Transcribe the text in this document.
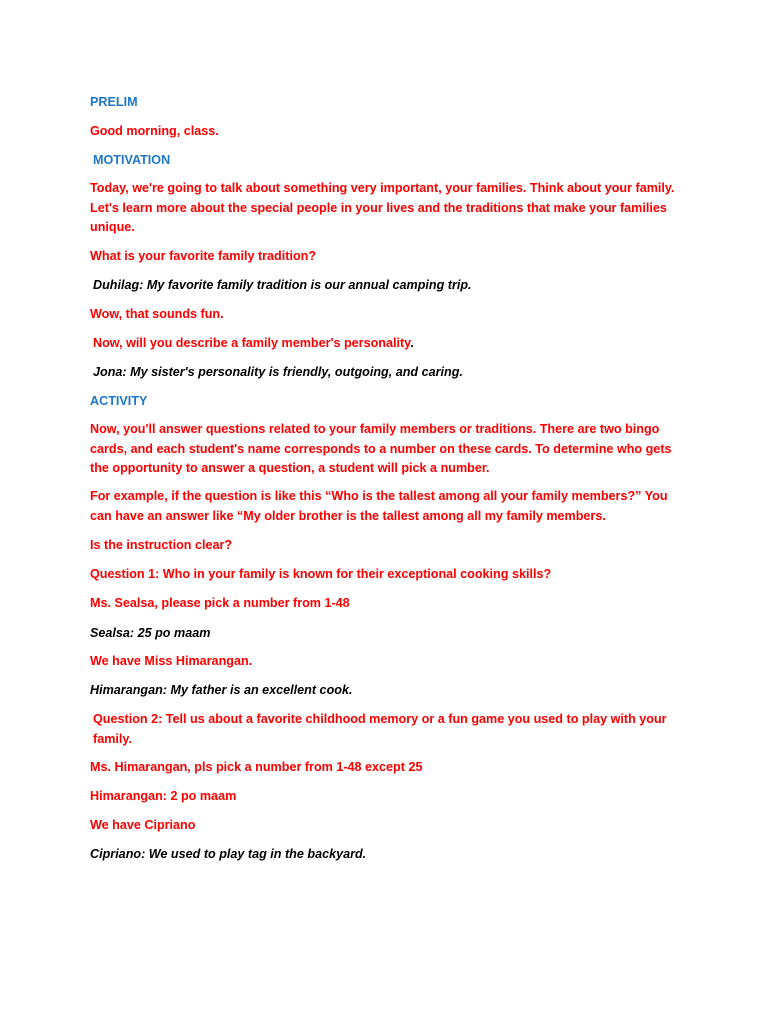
PRELIM

Good morning, class.

MOTIVATION

Today, we're going to talk about something very important, your families. Think about your family. Let's learn more about the special people in your lives and the traditions that make your families unique.

What is your favorite family tradition?

Duhilag: My favorite family tradition is our annual camping trip.

Wow, that sounds fun.

Now, will you describe a family member's personality.

Jona: My sister's personality is friendly, outgoing, and caring.

ACTIVITY

Now, you'll answer questions related to your family members or traditions. There are two bingo cards, and each student's name corresponds to a number on these cards. To determine who gets the opportunity to answer a question, a student will pick a number.

For example, if the question is like this “Who is the tallest among all your family members?” You can have an answer like “My older brother is the tallest among all my family members.

Is the instruction clear?

Question 1: Who in your family is known for their exceptional cooking skills?

Ms. Sealsa, please pick a number from 1-48

Sealsa: 25 po maam

We have Miss Himarangan.

Himarangan: My father is an excellent cook.

Question 2: Tell us about a favorite childhood memory or a fun game you used to play with your family.

Ms. Himarangan, pls pick a number from 1-48 except 25

Himarangan: 2 po maam

We have Cipriano

Cipriano: We used to play tag in the backyard.
